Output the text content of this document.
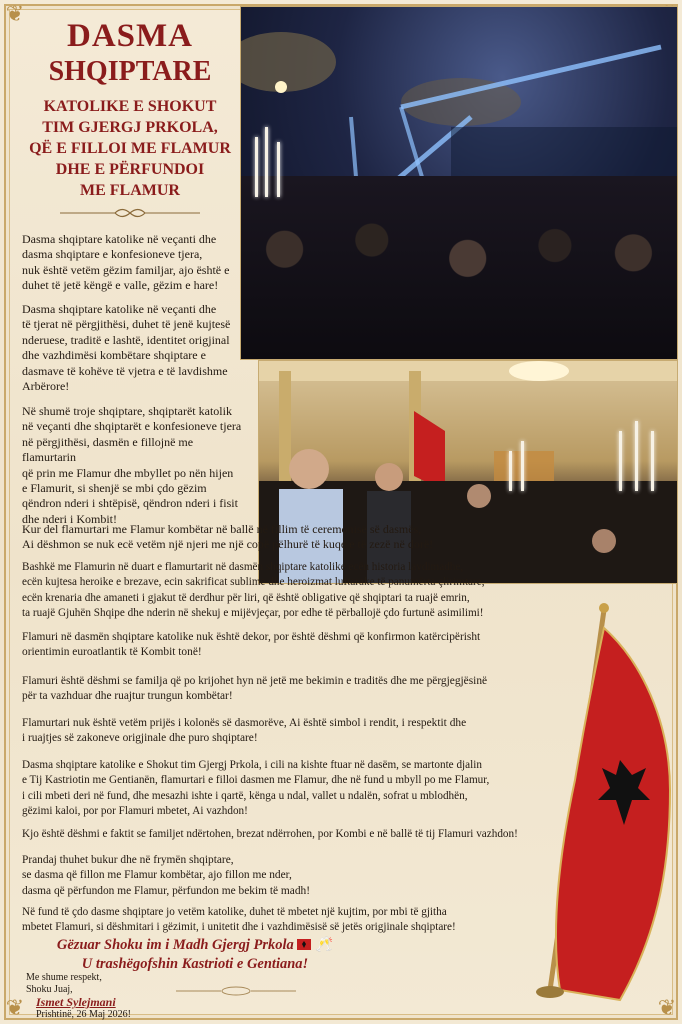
❦
❦	❦
DASMA
SHQIPTARE
KATOLIKE E SHOKUT
TIM GJERGJ PRKOLA,
QË E FILLOI ME FLAMUR
DHE E PËRFUNDOI
ME FLAMUR
Dasma shqiptare katolike në veçanti dhe
dasma shqiptare e konfesioneve tjera,
nuk është vetëm gëzim familjar, ajo është e
duhet të jetë këngë e valle, gëzim e hare!
Dasma shqiptare katolike në veçanti dhe
të tjerat në përgjithësi, duhet të jenë kujtesë
nderuese, traditë e lashtë, identitet origjinal
dhe vazhdimësi kombëtare shqiptare e
dasmave të kohëve të vjetra e të lavdishme
Arbërore!
Në shumë troje shqiptare, shqiptarët katolik
në veçanti dhe shqiptarët e konfesioneve tjera
në përgjithësi, dasmën e fillojnë me flamurtarin
që prin me Flamur dhe mbyllet po nën hijen
e Flamurit, si shenjë se mbi çdo gëzim
qëndron nderi i shtëpisë, qëndron nderi i fisit
dhe nderi i Kombit!
Kur del flamurtari me Flamur kombëtar në ballë në fillim të ceremonisë së dasmës,
Ai dëshmon se nuk ecë vetëm një njeri me një copë pëlhurë të kuqe e të zezë në dorë!
Bashkë me Flamurin në duart e flamurtarit në dasmën shqiptare katolike ecën historia lavdimadhe,
ecën kujtesa heroike e brezave, ecin sakrificat sublime dhe heroizmat luftarake të panumërta çlirimtare,
ecën krenaria dhe amaneti i gjakut të derdhur për liri, që është obligative që shqiptari ta ruajë emrin,
ta ruajë Gjuhën Shqipe dhe nderin në shekuj e mijëvjeçar, por edhe të përballojë çdo furtunë asimilimi!
Flamuri në dasmën shqiptare katolike nuk është dekor, por është dëshmi që konfirmon katërcipërisht
orientimin euroatlantik të Kombit tonë!
Flamuri është dëshmi se familja që po krijohet hyn në jetë me bekimin e traditës dhe me përgjegjësinë
për ta vazhduar dhe ruajtur trungun kombëtar!
Flamurtari nuk është vetëm prijës i kolonës së dasmorëve, Ai është simbol i rendit, i respektit dhe
i ruajtjes së zakoneve origjinale dhe puro shqiptare!
Dasma shqiptare katolike e Shokut tim Gjergj Prkola, i cili na kishte ftuar në dasëm, se martonte djalin
e Tij Kastriotin me Gentianën, flamurtari e filloi dasmen me Flamur, dhe në fund u mbyll po me Flamur,
i cili mbeti deri në fund, dhe mesazhi ishte i qartë, kënga u ndal, vallet u ndalën, sofrat u mblodhën,
gëzimi kaloi, por por Flamuri mbetet, Ai vazhdon!
Kjo është dëshmi e faktit se familjet ndërtohen, brezat ndërrohen, por Kombi e në ballë të tij Flamuri vazhdon!
Prandaj thuhet bukur dhe në frymën shqiptare,
se dasma që fillon me Flamur kombëtar, ajo fillon me nder,
dasma që përfundon me Flamur, përfundon me bekim të madh!
Në fund të çdo dasme shqiptare jo vetëm katolike, duhet të mbetet një kujtim, por mbi të gjitha
mbetet Flamuri, si dëshmitari i gëzimit, i unitetit dhe i vazhdimësisë së jetës origjinale shqiptare!
Gëzuar Shoku im i Madh Gjergj Prkola 🥂
U trashëgofshin Kastrioti e Gentiana!
Me shume respekt,
Shoku Juaj,
Ismet Sylejmani
Prishtinë, 26 Maj 2026!
